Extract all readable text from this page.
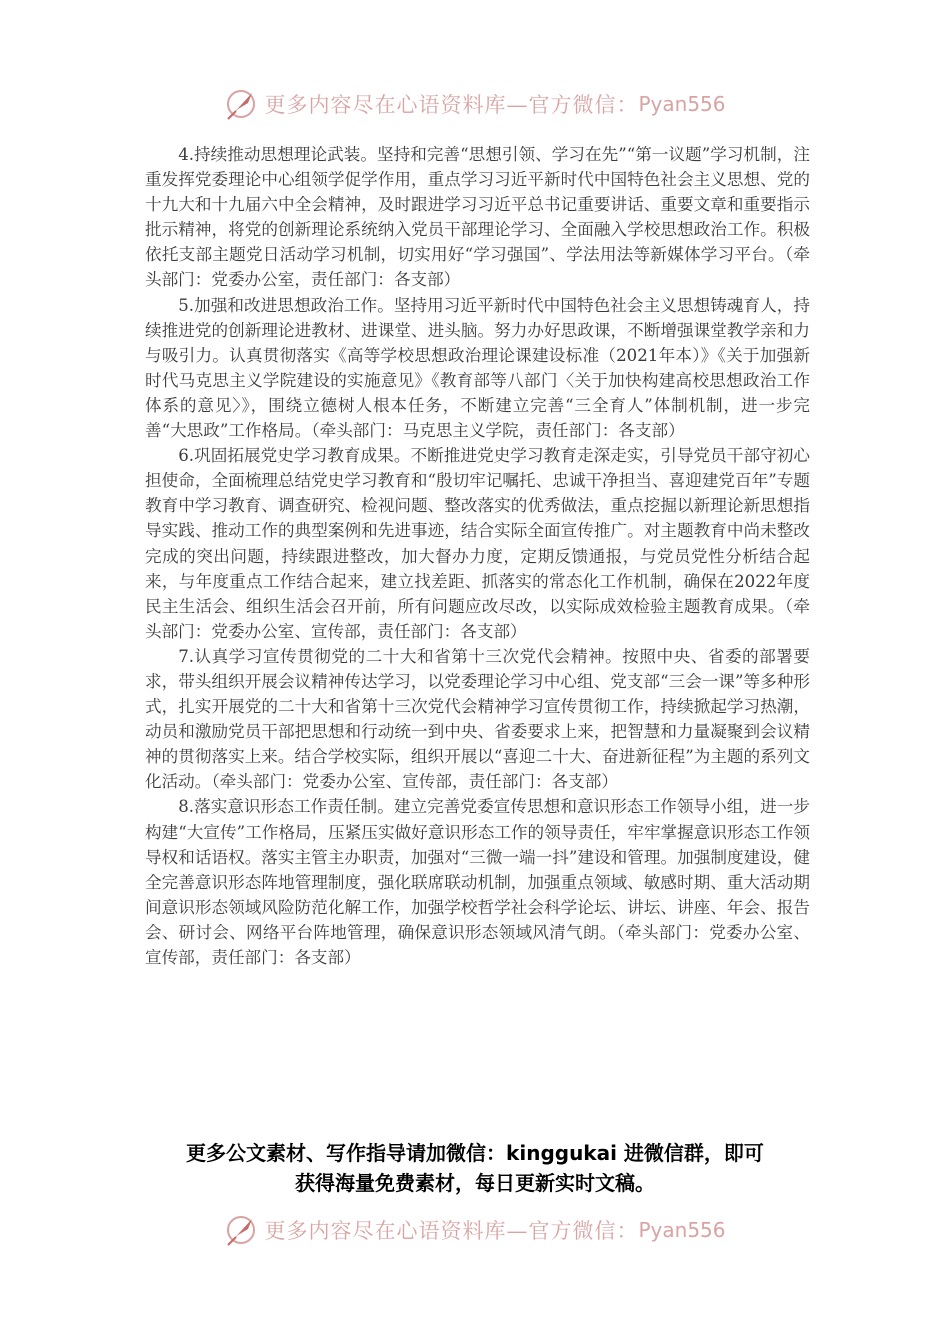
更多内容尽在心语资料库—官方微信： Pyan556

4.持续推动思想理论武装。坚持和完善“思想引领、学习在先”“第一议题”学习机制，注重发挥党委理论中心组领学促学作用，重点学习习近平新时代中国特色社会主义思想、党的十九大和十九届六中全会精神，及时跟进学习习近平总书记重要讲话、重要文章和重要指示批示精神，将党的创新理论系统纳入党员干部理论学习、全面融入学校思想政治工作。积极依托支部主题党日活动学习机制，切实用好“学习强国”、学法用法等新媒体学习平台。（牵头部门：党委办公室，责任部门：各支部）

5.加强和改进思想政治工作。坚持用习近平新时代中国特色社会主义思想铸魂育人，持续推进党的创新理论进教材、进课堂、进头脑。努力办好思政课，不断增强课堂教学亲和力与吸引力。认真贯彻落实《高等学校思想政治理论课建设标准（2021年本）》《关于加强新时代马克思主义学院建设的实施意见》《教育部等八部门〈关于加快构建高校思想政治工作体系的意见〉》，围绕立德树人根本任务，不断建立完善“三全育人”体制机制，进一步完善“大思政”工作格局。（牵头部门：马克思主义学院，责任部门：各支部）

6.巩固拓展党史学习教育成果。不断推进党史学习教育走深走实，引导党员干部守初心担使命，全面梳理总结党史学习教育和“殷切牢记嘱托、忠诚干净担当、喜迎建党百年”专题教育中学习教育、调查研究、检视问题、整改落实的优秀做法，重点挖掘以新理论新思想指导实践、推动工作的典型案例和先进事迹，结合实际全面宣传推广。对主题教育中尚未整改完成的突出问题，持续跟进整改，加大督办力度，定期反馈通报，与党员党性分析结合起来，与年度重点工作结合起来，建立找差距、抓落实的常态化工作机制，确保在2022年度民主生活会、组织生活会召开前，所有问题应改尽改，以实际成效检验主题教育成果。（牵头部门：党委办公室、宣传部，责任部门：各支部）

7.认真学习宣传贯彻党的二十大和省第十三次党代会精神。按照中央、省委的部署要求，带头组织开展会议精神传达学习，以党委理论学习中心组、党支部“三会一课”等多种形式，扎实开展党的二十大和省第十三次党代会精神学习宣传贯彻工作，持续掀起学习热潮，动员和激励党员干部把思想和行动统一到中央、省委要求上来，把智慧和力量凝聚到会议精神的贯彻落实上来。结合学校实际，组织开展以“喜迎二十大、奋进新征程”为主题的系列文化活动。（牵头部门：党委办公室、宣传部，责任部门：各支部）

8.落实意识形态工作责任制。建立完善党委宣传思想和意识形态工作领导小组，进一步构建“大宣传”工作格局，压紧压实做好意识形态工作的领导责任，牢牢掌握意识形态工作领导权和话语权。落实主管主办职责，加强对“三微一端一抖”建设和管理。加强制度建设，健全完善意识形态阵地管理制度，强化联席联动机制，加强重点领域、敏感时期、重大活动期间意识形态领域风险防范化解工作，加强学校哲学社会科学论坛、讲坛、讲座、年会、报告会、研讨会、网络平台阵地管理，确保意识形态领域风清气朗。（牵头部门：党委办公室、宣传部，责任部门：各支部）

更多公文素材、写作指导请加微信：kinggukai 进微信群，即可
获得海量免费素材，每日更新实时文稿。
更多内容尽在心语资料库—官方微信： Pyan556
